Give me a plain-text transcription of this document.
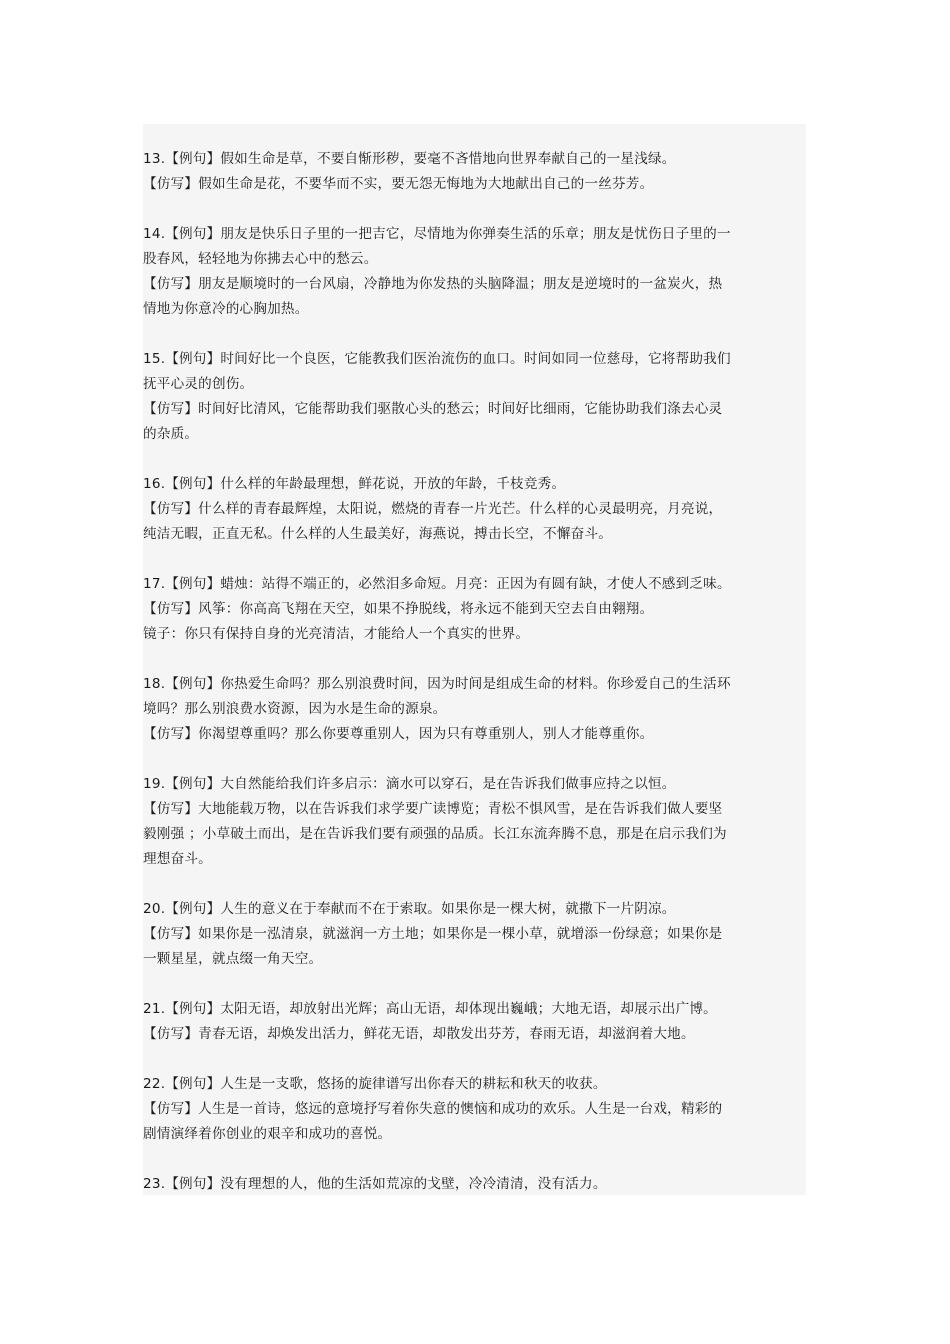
13.【例句】假如生命是草，不要自惭形秽，要毫不吝惜地向世界奉献自己的一星浅绿。
【仿写】假如生命是花，不要华而不实，要无怨无悔地为大地献出自己的一丝芬芳。
14.【例句】朋友是快乐日子里的一把吉它，尽情地为你弹奏生活的乐章；朋友是忧伤日子里的一
股春风，轻轻地为你拂去心中的愁云。
【仿写】朋友是顺境时的一台风扇，冷静地为你发热的头脑降温；朋友是逆境时的一盆炭火，热
情地为你意冷的心胸加热。
15.【例句】时间好比一个良医，它能教我们医治流伤的血口。时间如同一位慈母，它将帮助我们
抚平心灵的创伤。
【仿写】时间好比清风，它能帮助我们驱散心头的愁云；时间好比细雨，它能协助我们涤去心灵
的杂质。
16.【例句】什么样的年龄最理想，鲜花说，开放的年龄，千枝竞秀。
【仿写】什么样的青春最辉煌，太阳说，燃烧的青春一片光芒。什么样的心灵最明亮，月亮说，
纯洁无暇，正直无私。什么样的人生最美好，海燕说，搏击长空，不懈奋斗。
17.【例句】蜡烛：站得不端正的，必然泪多命短。月亮：正因为有圆有缺，才使人不感到乏味。
【仿写】风筝：你高高飞翔在天空，如果不挣脱线，将永远不能到天空去自由翱翔。
镜子：你只有保持自身的光亮清洁，才能给人一个真实的世界。
18.【例句】你热爱生命吗？那么别浪费时间，因为时间是组成生命的材料。你珍爱自己的生活环
境吗？那么别浪费水资源，因为水是生命的源泉。
【仿写】你渴望尊重吗？那么你要尊重别人，因为只有尊重别人，别人才能尊重你。
19.【例句】大自然能给我们许多启示：滴水可以穿石，是在告诉我们做事应持之以恒。
【仿写】大地能载万物，以在告诉我们求学要广读博览；青松不惧风雪，是在告诉我们做人要坚
毅刚强 ；小草破土而出，是在告诉我们要有顽强的品质。长江东流奔腾不息，那是在启示我们为
理想奋斗。
20.【例句】人生的意义在于奉献而不在于索取。如果你是一棵大树，就撒下一片阴凉。
【仿写】如果你是一泓清泉，就滋润一方土地；如果你是一棵小草，就增添一份绿意；如果你是
一颗星星，就点缀一角天空。
21.【例句】太阳无语，却放射出光辉；高山无语，却体现出巍峨；大地无语，却展示出广博。
【仿写】青春无语，却焕发出活力，鲜花无语，却散发出芬芳，春雨无语，却滋润着大地。
22.【例句】人生是一支歌，悠扬的旋律谱写出你春天的耕耘和秋天的收获。
【仿写】人生是一首诗，悠远的意境抒写着你失意的懊恼和成功的欢乐。人生是一台戏，精彩的
剧情演绎着你创业的艰辛和成功的喜悦。
23.【例句】没有理想的人，他的生活如荒凉的戈壁，冷冷清清，没有活力。
